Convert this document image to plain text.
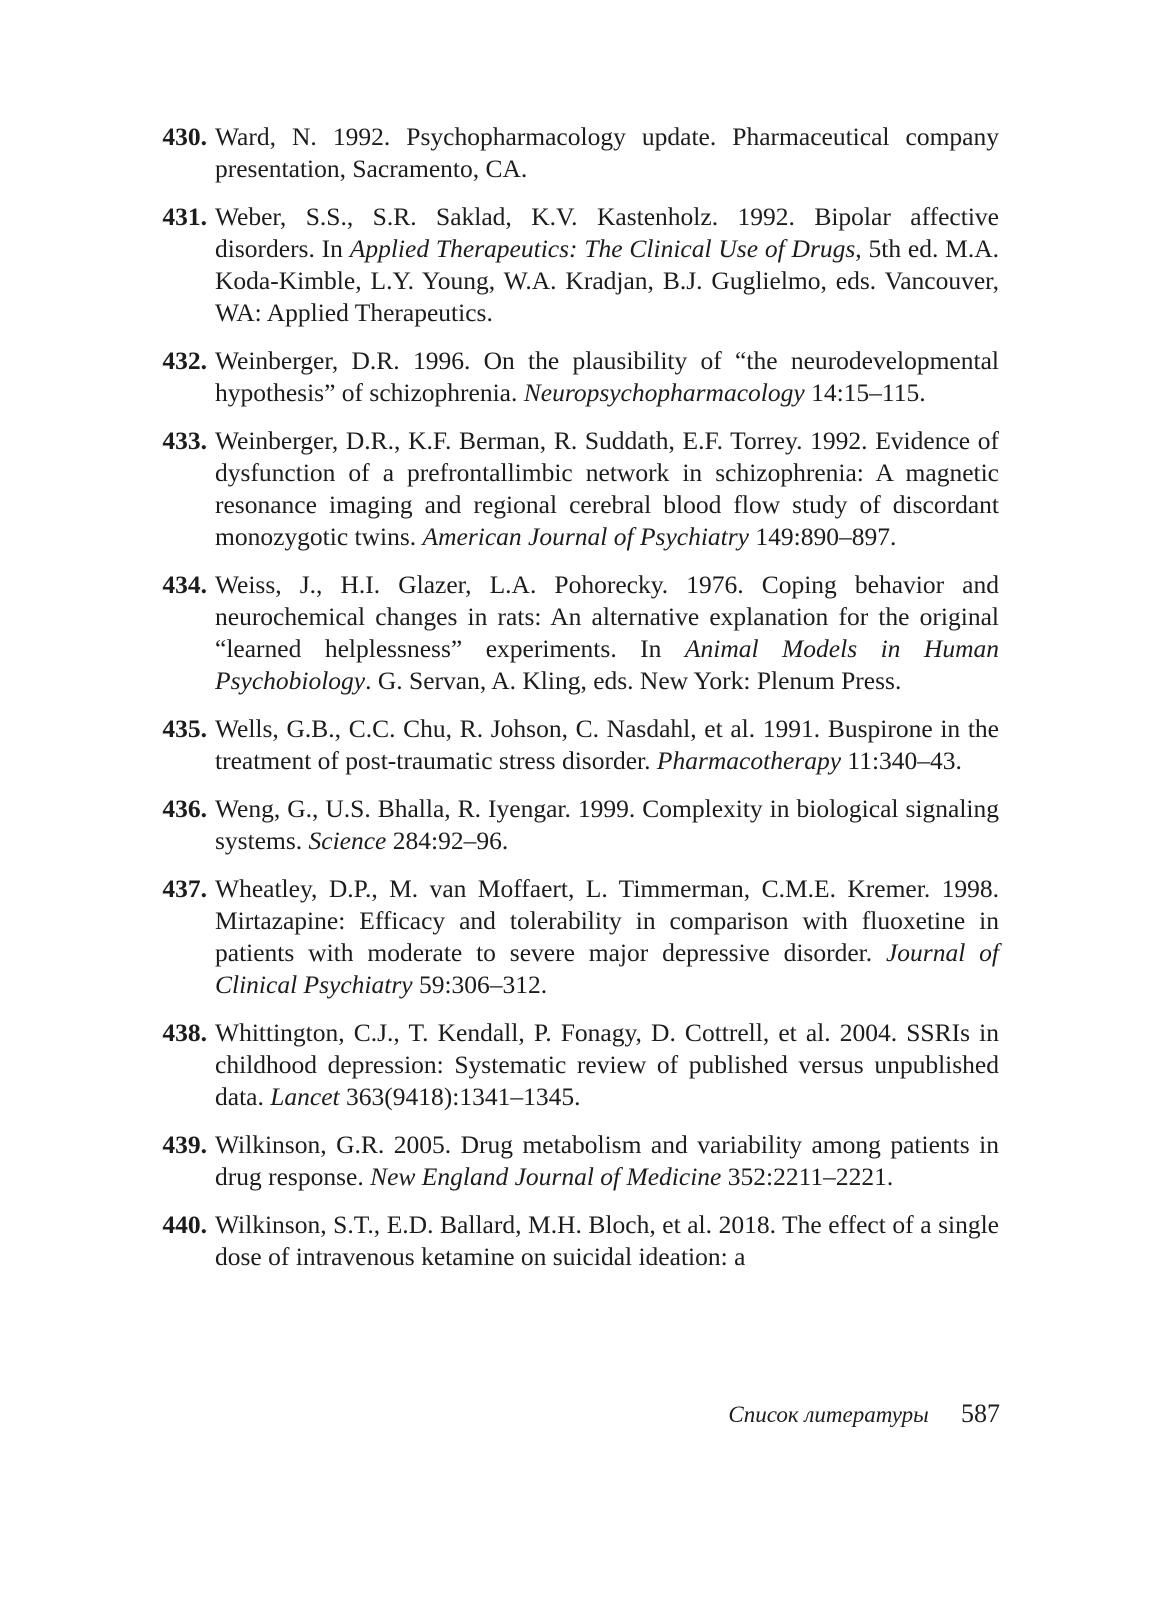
430. Ward, N. 1992. Psychopharmacology update. Pharmaceutical company presentation, Sacramento, CA.
431. Weber, S.S., S.R. Saklad, K.V. Kastenholz. 1992. Bipolar affective disorders. In Applied Therapeutics: The Clinical Use of Drugs, 5th ed. M.A. Koda-Kimble, L.Y. Young, W.A. Kradjan, B.J. Guglielmo, eds. Vancouver, WA: Applied Therapeutics.
432. Weinberger, D.R. 1996. On the plausibility of “the neurodevelopmental hypothesis” of schizophrenia. Neuropsychopharmacology 14:15–115.
433. Weinberger, D.R., K.F. Berman, R. Suddath, E.F. Torrey. 1992. Evidence of dysfunction of a prefrontallimbic network in schizophrenia: A magnetic resonance imaging and regional cerebral blood flow study of discordant monozygotic twins. American Journal of Psychiatry 149:890–897.
434. Weiss, J., H.I. Glazer, L.A. Pohorecky. 1976. Coping behavior and neurochemical changes in rats: An alternative explanation for the original “learned helplessness” experiments. In Animal Models in Human Psychobiology. G. Servan, A. Kling, eds. New York: Plenum Press.
435. Wells, G.B., C.C. Chu, R. Johson, C. Nasdahl, et al. 1991. Buspirone in the treatment of post-traumatic stress disorder. Pharmacotherapy 11:340–43.
436. Weng, G., U.S. Bhalla, R. Iyengar. 1999. Complexity in biological signaling systems. Science 284:92–96.
437. Wheatley, D.P., M. van Moffaert, L. Timmerman, C.M.E. Kremer. 1998. Mirtazapine: Efficacy and tolerability in comparison with fluoxetine in patients with moderate to severe major depressive disorder. Journal of Clinical Psychiatry 59:306–312.
438. Whittington, C.J., T. Kendall, P. Fonagy, D. Cottrell, et al. 2004. SSRIs in childhood depression: Systematic review of published versus unpublished data. Lancet 363(9418):1341–1345.
439. Wilkinson, G.R. 2005. Drug metabolism and variability among patients in drug response. New England Journal of Medicine 352:2211–2221.
440. Wilkinson, S.T., E.D. Ballard, M.H. Bloch, et al. 2018. The effect of a single dose of intravenous ketamine on suicidal ideation: a
Список литературы 587
